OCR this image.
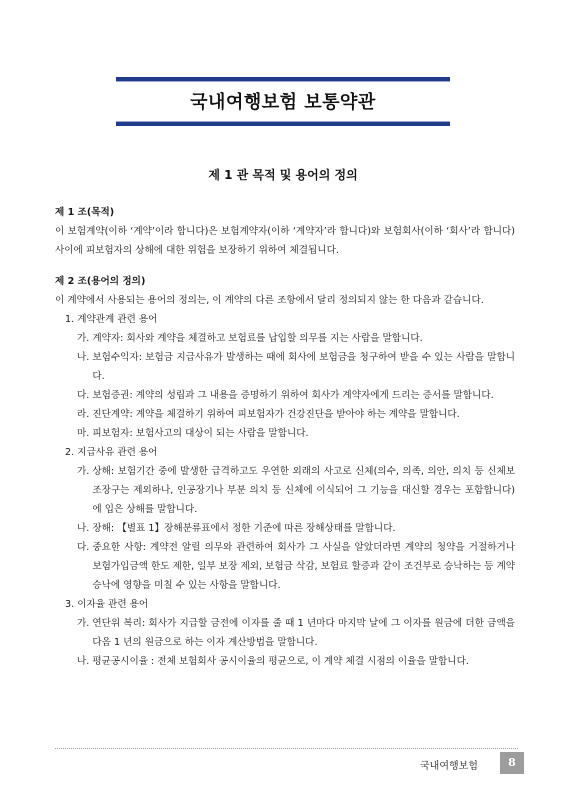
국내여행보험 보통약관
제 1 관 목적 및 용어의 정의

제 1 조(목적)

이 보험계약(이하 ‘계약’이라 합니다)은 보험계약자(이하 ‘계약자’라 합니다)와 보험회사(이하 ‘회사’라 합니다) 사이에 피보험자의 상해에 대한 위험을 보장하기 위하여 체결됩니다.

제 2 조(용어의 정의)

이 계약에서 사용되는 용어의 정의는, 이 계약의 다른 조항에서 달리 정의되지 않는 한 다음과 같습니다.

1. 계약관계 관련 용어

가. 계약자: 회사와 계약을 체결하고 보험료를 납입할 의무를 지는 사람을 말합니다.
나. 보험수익자: 보험금 지급사유가 발생하는 때에 회사에 보험금을 청구하여 받을 수 있는 사람을 말합니다.
다. 보험증권: 계약의 성립과 그 내용을 증명하기 위하여 회사가 계약자에게 드리는 증서를 말합니다.
라. 진단계약: 계약을 체결하기 위하여 피보험자가 건강진단을 받아야 하는 계약을 말합니다.
마. 피보험자: 보험사고의 대상이 되는 사람을 말합니다.

2. 지급사유 관련 용어

가. 상해: 보험기간 중에 발생한 급격하고도 우연한 외래의 사고로 신체(의수, 의족, 의안, 의치 등 신체보조장구는 제외하나, 인공장기나 부분 의치 등 신체에 이식되어 그 기능을 대신할 경우는 포함합니다)에 입은 상해를 말합니다.
나. 장해: 【별표 1】장해분류표에서 정한 기준에 따른 장해상태를 말합니다.
다. 중요한 사항: 계약전 알릴 의무와 관련하여 회사가 그 사실을 알았더라면 계약의 청약을 거절하거나 보험가입금액 한도 제한, 일부 보장 제외, 보험금 삭감, 보험료 할증과 같이 조건부로 승낙하는 등 계약 승낙에 영향을 미칠 수 있는 사항을 말합니다.

3. 이자율 관련 용어

가. 연단위 복리: 회사가 지급할 금전에 이자를 줄 때 1 년마다 마지막 날에 그 이자를 원금에 더한 금액을 다음 1 년의 원금으로 하는 이자 계산방법을 말합니다.
나. 평균공시이율 : 전체 보험회사 공시이율의 평균으로, 이 계약 체결 시점의 이율을 말합니다.
국내여행보험	8
